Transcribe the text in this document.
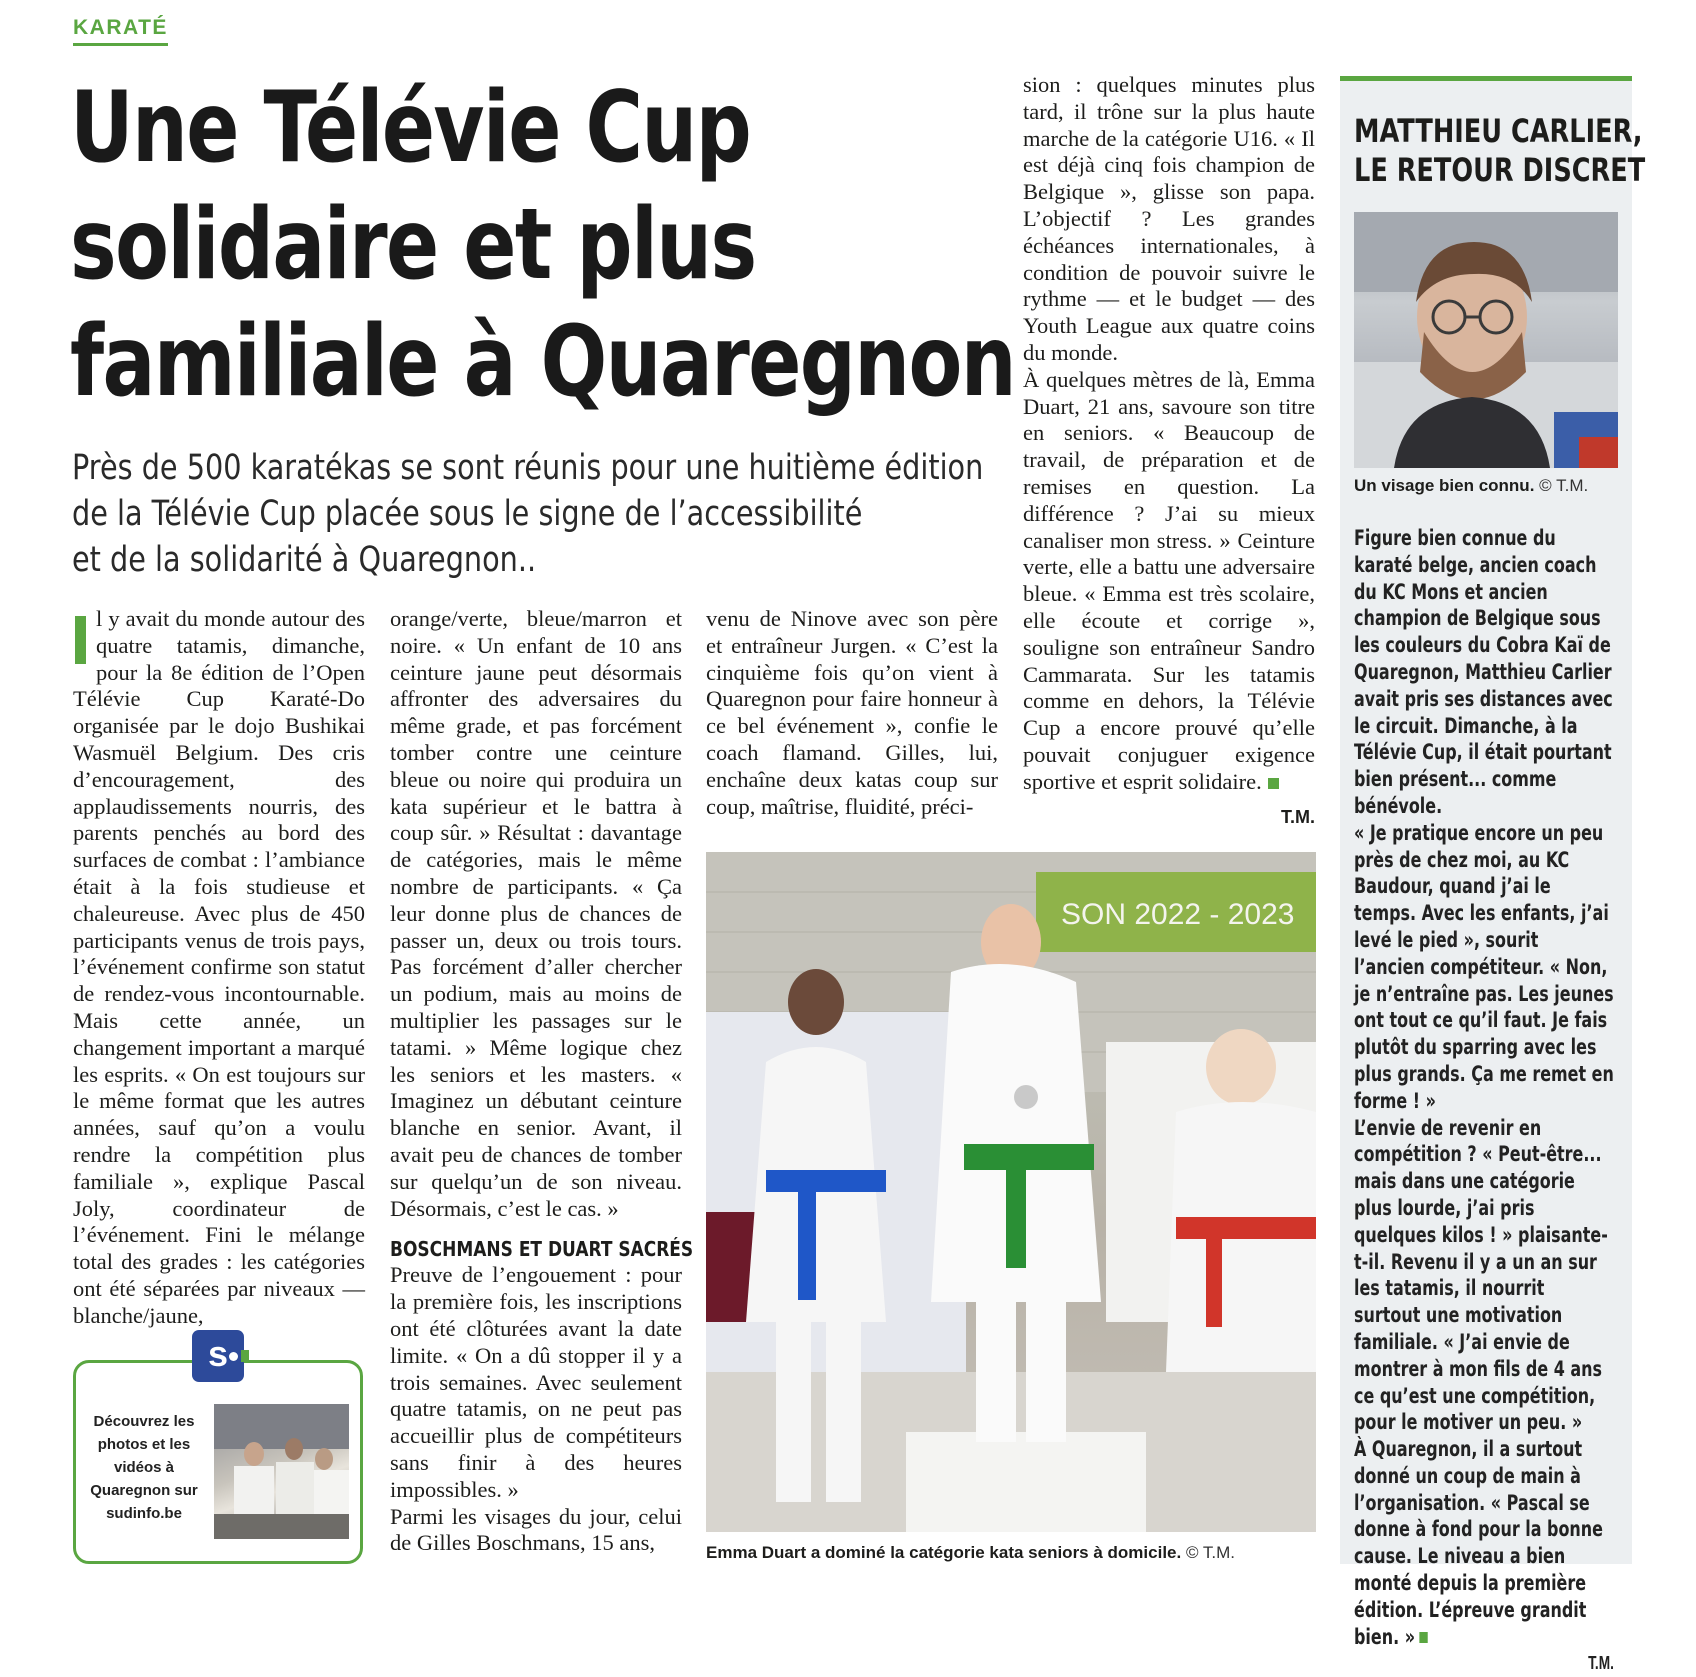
KARATÉ
Une Télévie Cup
solidaire et plus
familiale à Quaregnon
Près de 500 karatékas se sont réunis pour une huitième édition
de la Télévie Cup placée sous le signe de l’accessibilité
et de la solidarité à Quaregnon..

l y avait du monde autour des quatre tatamis, dimanche, pour la 8e édition de l’Open Télévie Cup Karaté-Do organisée par le dojo Bushikai Wasmuël Belgium. Des cris d’encouragement, des applaudissements nourris, des parents penchés au bord des surfaces de combat : l’ambiance était à la fois studieuse et chaleureuse. Avec plus de 450 participants venus de trois pays, l’événement confirme son statut de rendez-vous incontournable. Mais cette année, un changement important a marqué les esprits. « On est toujours sur le même format que les autres années, sauf qu’on a voulu rendre la compétition plus familiale », explique Pascal Joly, coordinateur de l’événement. Fini le mélange total des grades : les catégories ont été séparées par niveaux — blanche/jaune,

orange/verte, bleue/marron et noire. « Un enfant de 10 ans ceinture jaune peut désormais affronter des adversaires du même grade, et pas forcément tomber contre une ceinture bleue ou noire qui produira un kata supérieur et le battra à coup sûr. » Résultat : davantage de catégories, mais le même nombre de participants. « Ça leur donne plus de chances de passer un, deux ou trois tours. Pas forcément d’aller chercher un podium, mais au moins de multiplier les passages sur le tatami. » Même logique chez les seniors et les masters. « Imaginez un débutant ceinture blanche en senior. Avant, il avait peu de chances de tomber sur quelqu’un de son niveau. Désormais, c’est le cas. »

BOSCHMANS ET DUART SACRÉS

Preuve de l’engouement : pour la première fois, les inscriptions ont été clôturées avant la date limite. « On a dû stopper il y a trois semaines. Avec seulement quatre tatamis, on ne peut pas accueillir plus de compétiteurs sans finir à des heures impossibles. »

Parmi les visages du jour, celui de Gilles Boschmans, 15 ans,

venu de Ninove avec son père et entraîneur Jurgen. « C’est la cinquième fois qu’on vient à Quaregnon pour faire honneur à ce bel événement », confie le coach flamand. Gilles, lui, enchaîne deux katas coup sur coup, maîtrise, fluidité, préci-

sion : quelques minutes plus tard, il trône sur la plus haute marche de la catégorie U16. « Il est déjà cinq fois champion de Belgique », glisse son papa. L’objectif ? Les grandes échéances internationales, à condition de pouvoir suivre le rythme — et le budget — des Youth League aux quatre coins du monde.

À quelques mètres de là, Emma Duart, 21 ans, savoure son titre en seniors. « Beaucoup de travail, de préparation et de remises en question. La différence ? J’ai su mieux canaliser mon stress. » Ceinture verte, elle a battu une adversaire bleue. « Emma est très scolaire, elle écoute et corrige », souligne son entraîneur Sandro Cammarata. Sur les tatamis comme en dehors, la Télévie Cup a encore prouvé qu’elle pouvait conjuguer exigence sportive et esprit solidaire.

T.M.
SON 2022 - 2023
Emma Duart a dominé la catégorie kata seniors à domicile. © T.M.
s
Découvrez les photos et les vidéos à Quaregnon sur sudinfo.be
MATTHIEU CARLIER,
LE RETOUR DISCRET
Un visage bien connu. © T.M.

Figure bien connue du karaté belge, ancien coach du KC Mons et ancien champion de Belgique sous les couleurs du Cobra Kaï de Quaregnon, Matthieu Carlier avait pris ses distances avec le circuit. Dimanche, à la Télévie Cup, il était pourtant bien présent... comme bénévole.

« Je pratique encore un peu près de chez moi, au KC Baudour, quand j’ai le temps. Avec les enfants, j’ai levé le pied », sourit l’ancien compétiteur. « Non, je n’entraîne pas. Les jeunes ont tout ce qu’il faut. Je fais plutôt du sparring avec les plus grands. Ça me remet en forme ! »

L’envie de revenir en compétition ? « Peut-être... mais dans une catégorie plus lourde, j’ai pris quelques kilos ! » plaisante-t-il. Revenu il y a un an sur les tatamis, il nourrit surtout une motivation familiale. « J’ai envie de montrer à mon fils de 4 ans ce qu’est une compétition, pour le motiver un peu. »

À Quaregnon, il a surtout donné un coup de main à l’organisation. « Pascal se donne à fond pour la bonne cause. Le niveau a bien monté depuis la première édition. L’épreuve grandit bien. »

T.M.
